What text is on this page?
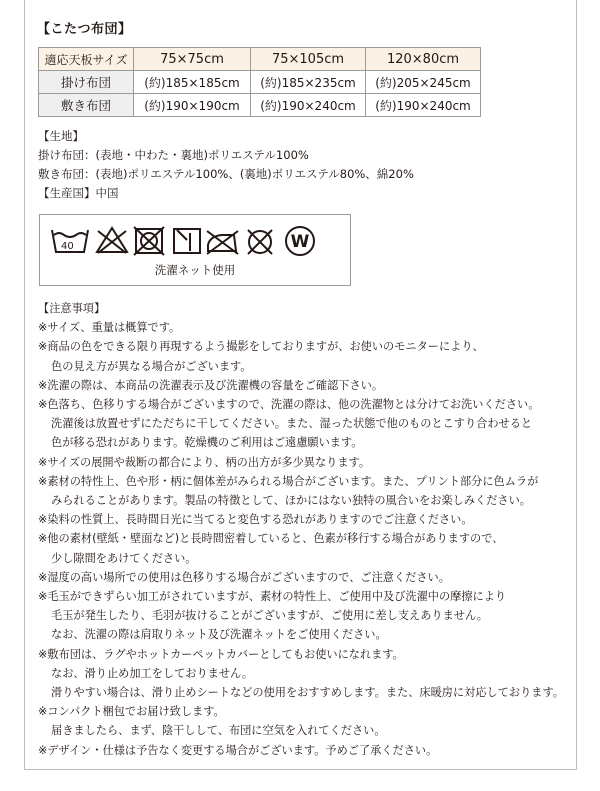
【こたつ布団】
適応天板サイズ	75×75cm	75×105cm	120×80cm
掛け布団	(約)185×185cm	(約)185×235cm	(約)205×245cm
敷き布団	(約)190×190cm	(約)190×240cm	(約)190×240cm
【生地】
掛け布団：(表地・中わた・裏地)ポリエステル100%
敷き布団：(表地)ポリエステル100%、(裏地)ポリエステル80%、綿20%
【生産国】中国
40	W
洗濯ネット使用
【注意事項】
※サイズ、重量は概算です。
※商品の色をできる限り再現するよう撮影をしておりますが、お使いのモニターにより、
色の見え方が異なる場合がございます。
※洗濯の際は、本商品の洗濯表示及び洗濯機の容量をご確認下さい。
※色落ち、色移りする場合がございますので、洗濯の際は、他の洗濯物とは分けてお洗いください。
洗濯後は放置せずにただちに干してください。また、湿った状態で他のものとこすり合わせると
色が移る恐れがあります。乾燥機のご利用はご遠慮願います。
※サイズの展開や裁断の都合により、柄の出方が多少異なります。
※素材の特性上、色や形・柄に個体差がみられる場合がございます。また、プリント部分に色ムラが
みられることがあります。製品の特徴として、ほかにはない独特の風合いをお楽しみください。
※染料の性質上、長時間日光に当てると変色する恐れがありますのでご注意ください。
※他の素材(壁紙・壁面など)と長時間密着していると、色素が移行する場合がありますので、
少し隙間をあけてください。
※湿度の高い場所での使用は色移りする場合がございますので、ご注意ください。
※毛玉ができずらい加工がされていますが、素材の特性上、ご使用中及び洗濯中の摩擦により
毛玉が発生したり、毛羽が抜けることがございますが、ご使用に差し支えありません。
なお、洗濯の際は肩取りネット及び洗濯ネットをご使用ください。
※敷布団は、ラグやホットカーペットカバーとしてもお使いになれます。
なお、滑り止め加工をしておりません。
滑りやすい場合は、滑り止めシートなどの使用をおすすめします。また、床暖房に対応しております。
※コンパクト梱包でお届け致します。
届きましたら、まず、陰干しして、布団に空気を入れてください。
※デザイン・仕様は予告なく変更する場合がございます。予めご了承ください。
